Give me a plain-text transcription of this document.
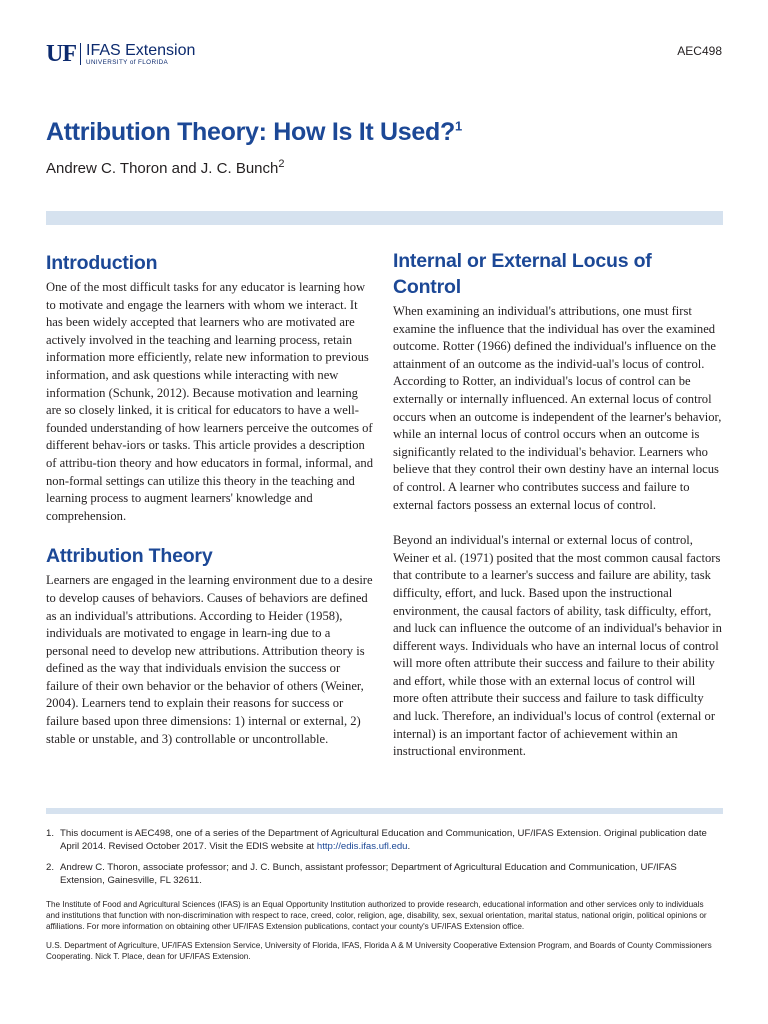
UF IFAS Extension
UNIVERSITY of FLORIDA
AEC498
Attribution Theory: How Is It Used?$^1$
Andrew C. Thoron and J. C. Bunch$^2$
Introduction

One of the most difficult tasks for any educator is learning how to motivate and engage the learners with whom we interact. It has been widely accepted that learners who are motivated are actively involved in the teaching and learning process, retain information more efficiently, relate new information to previous information, and ask questions while interacting with new information (Schunk, 2012). Because motivation and learning are so closely linked, it is critical for educators to have a well-founded understanding of how learners perceive the outcomes of different behav-iors or tasks. This article provides a description of attribu-tion theory and how educators in formal, informal, and non-formal settings can utilize this theory in the teaching and learning process to augment learners' knowledge and comprehension.

Attribution Theory

Learners are engaged in the learning environment due to a desire to develop causes of behaviors. Causes of behaviors are defined as an individual's attributions. According to Heider (1958), individuals are motivated to engage in learn-ing due to a personal need to develop new attributions. Attribution theory is defined as the way that individuals envision the success or failure of their own behavior or the behavior of others (Weiner, 2004). Learners tend to explain their reasons for success or failure based upon three dimensions: 1) internal or external, 2) stable or unstable, and 3) controllable or uncontrollable.

Internal or External Locus of Control

When examining an individual's attributions, one must first examine the influence that the individual has over the examined outcome. Rotter (1966) defined the individual's influence on the attainment of an outcome as the individ-ual's locus of control. According to Rotter, an individual's locus of control can be externally or internally influenced. An external locus of control occurs when an outcome is independent of the learner's behavior, while an internal locus of control occurs when an outcome is significantly related to the individual's behavior. Learners who believe that they control their own destiny have an internal locus of control. A learner who contributes success and failure to external factors possess an external locus of control.

Beyond an individual's internal or external locus of control, Weiner et al. (1971) posited that the most common causal factors that contribute to a learner's success and failure are ability, task difficulty, effort, and luck. Based upon the instructional environment, the causal factors of ability, task difficulty, effort, and luck can influence the outcome of an individual's behavior in different ways. Individuals who have an internal locus of control will more often attribute their success and failure to their ability and effort, while those with an external locus of control will more often attribute their success and failure to task difficulty and luck. Therefore, an individual's locus of control (external or internal) is an important factor of achievement within an instructional environment.

1. This document is AEC498, one of a series of the Department of Agricultural Education and Communication, UF/IFAS Extension. Original publication date April 2014. Revised October 2017. Visit the EDIS website at http://edis.ifas.ufl.edu.
2. Andrew C. Thoron, associate professor; and J. C. Bunch, assistant professor; Department of Agricultural Education and Communication, UF/IFAS Extension, Gainesville, FL 32611.

The Institute of Food and Agricultural Sciences (IFAS) is an Equal Opportunity Institution authorized to provide research, educational information and other services only to individuals and institutions that function with non-discrimination with respect to race, creed, color, religion, age, disability, sex, sexual orientation, marital status, national origin, political opinions or affiliations. For more information on obtaining other UF/IFAS Extension publications, contact your county's UF/IFAS Extension office.

U.S. Department of Agriculture, UF/IFAS Extension Service, University of Florida, IFAS, Florida A & M University Cooperative Extension Program, and Boards of County Commissioners Cooperating. Nick T. Place, dean for UF/IFAS Extension.
